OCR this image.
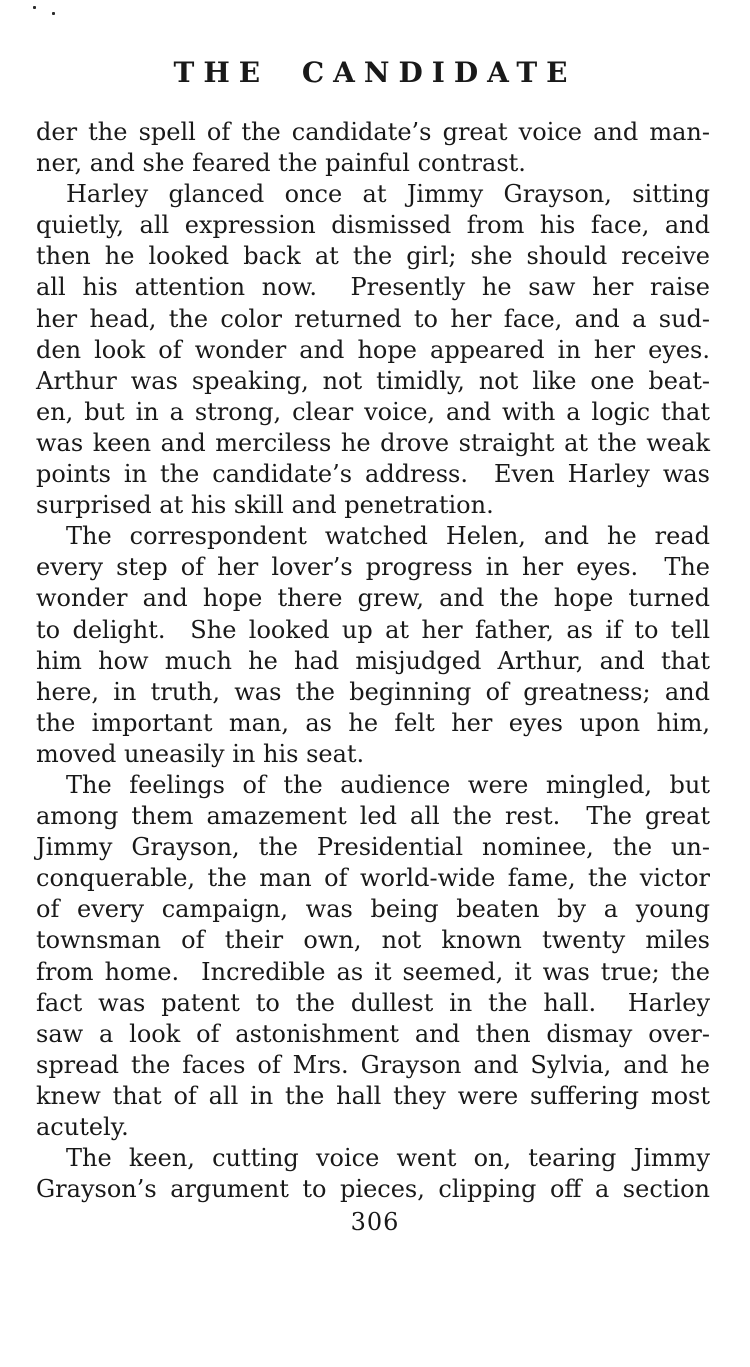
THE CANDIDATE
der the spell of the candidate’s great voice and man-
ner, and she feared the painful contrast.
Harley glanced once at Jimmy Grayson, sitting
quietly, all expression dismissed from his face, and
then he looked back at the girl; she should receive
all his attention now.  Presently he saw her raise
her head, the color returned to her face, and a sud-
den look of wonder and hope appeared in her eyes.
Arthur was speaking, not timidly, not like one beat-
en, but in a strong, clear voice, and with a logic that
was keen and merciless he drove straight at the weak
points in the candidate’s address.  Even Harley was
surprised at his skill and penetration.
The correspondent watched Helen, and he read
every step of her lover’s progress in her eyes.  The
wonder and hope there grew, and the hope turned
to delight.  She looked up at her father, as if to tell
him how much he had misjudged Arthur, and that
here, in truth, was the beginning of greatness; and
the important man, as he felt her eyes upon him,
moved uneasily in his seat.
The feelings of the audience were mingled, but
among them amazement led all the rest.  The great
Jimmy Grayson, the Presidential nominee, the un-
conquerable, the man of world-wide fame, the victor
of every campaign, was being beaten by a young
townsman of their own, not known twenty miles
from home.  Incredible as it seemed, it was true; the
fact was patent to the dullest in the hall.  Harley
saw a look of astonishment and then dismay over-
spread the faces of Mrs. Grayson and Sylvia, and he
knew that of all in the hall they were suffering most
acutely.
The keen, cutting voice went on, tearing Jimmy
Grayson’s argument to pieces, clipping off a section
306
